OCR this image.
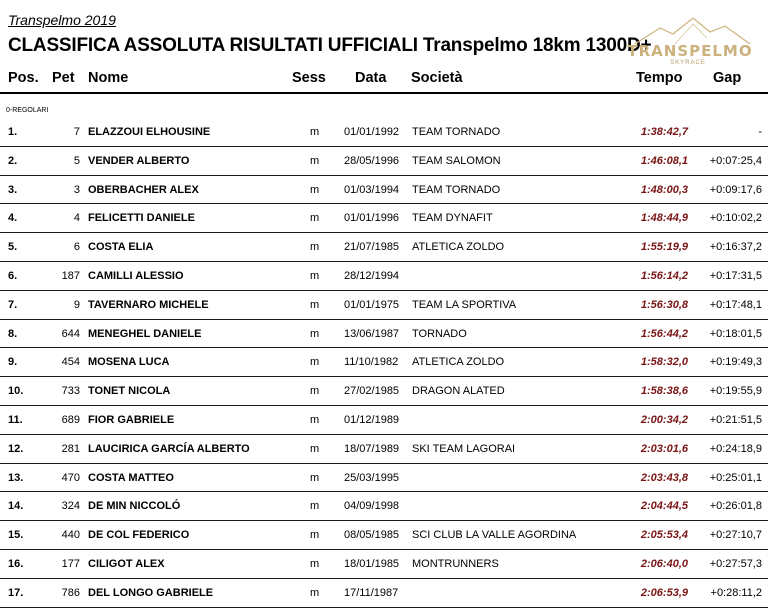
Transpelmo 2019
CLASSIFICA ASSOLUTA RISULTATI UFFICIALI Transpelmo 18km 1300D+
TRANSPELMO
SKYRACE
Pos. Pet Nome	Sess Data Società	Tempo Gap
0-REGOLARI
1.	7 ELAZZOUI ELHOUSINE	m 01/01/1992 TEAM TORNADO	1:38:42,7	-
2.	5 VENDER ALBERTO	m 28/05/1996 TEAM SALOMON	1:46:08,1	+0:07:25,4
3.	3 OBERBACHER ALEX	m 01/03/1994 TEAM TORNADO	1:48:00,3	+0:09:17,6
4.	4 FELICETTI DANIELE	m 01/01/1996 TEAM DYNAFIT	1:48:44,9	+0:10:02,2
5.	6 COSTA ELIA	m 21/07/1985 ATLETICA ZOLDO	1:55:19,9	+0:16:37,2
6.	187 CAMILLI ALESSIO	m 28/12/1994	1:56:14,2	+0:17:31,5
7.	9 TAVERNARO MICHELE	m 01/01/1975 TEAM LA SPORTIVA	1:56:30,8	+0:17:48,1
8.	644 MENEGHEL DANIELE	m 13/06/1987 TORNADO	1:56:44,2	+0:18:01,5
9.	454 MOSENA LUCA	m 11/10/1982 ATLETICA ZOLDO	1:58:32,0	+0:19:49,3
10.	733 TONET NICOLA	m 27/02/1985 DRAGON ALATED	1:58:38,6	+0:19:55,9
11.	689 FIOR GABRIELE	m 01/12/1989	2:00:34,2	+0:21:51,5
12.	281 LAUCIRICA GARCÍA ALBERTO	m 18/07/1989 SKI TEAM LAGORAI	2:03:01,6	+0:24:18,9
13.	470 COSTA MATTEO	m 25/03/1995	2:03:43,8	+0:25:01,1
14.	324 DE MIN NICCOLÓ	m 04/09/1998	2:04:44,5	+0:26:01,8
15.	440 DE COL FEDERICO	m 08/05/1985 SCI CLUB LA VALLE AGORDINA	2:05:53,4	+0:27:10,7
16.	177 CILIGOT ALEX	m 18/01/1985 MONTRUNNERS	2:06:40,0	+0:27:57,3
17.	786 DEL LONGO GABRIELE	m 17/11/1987	2:06:53,9	+0:28:11,2
